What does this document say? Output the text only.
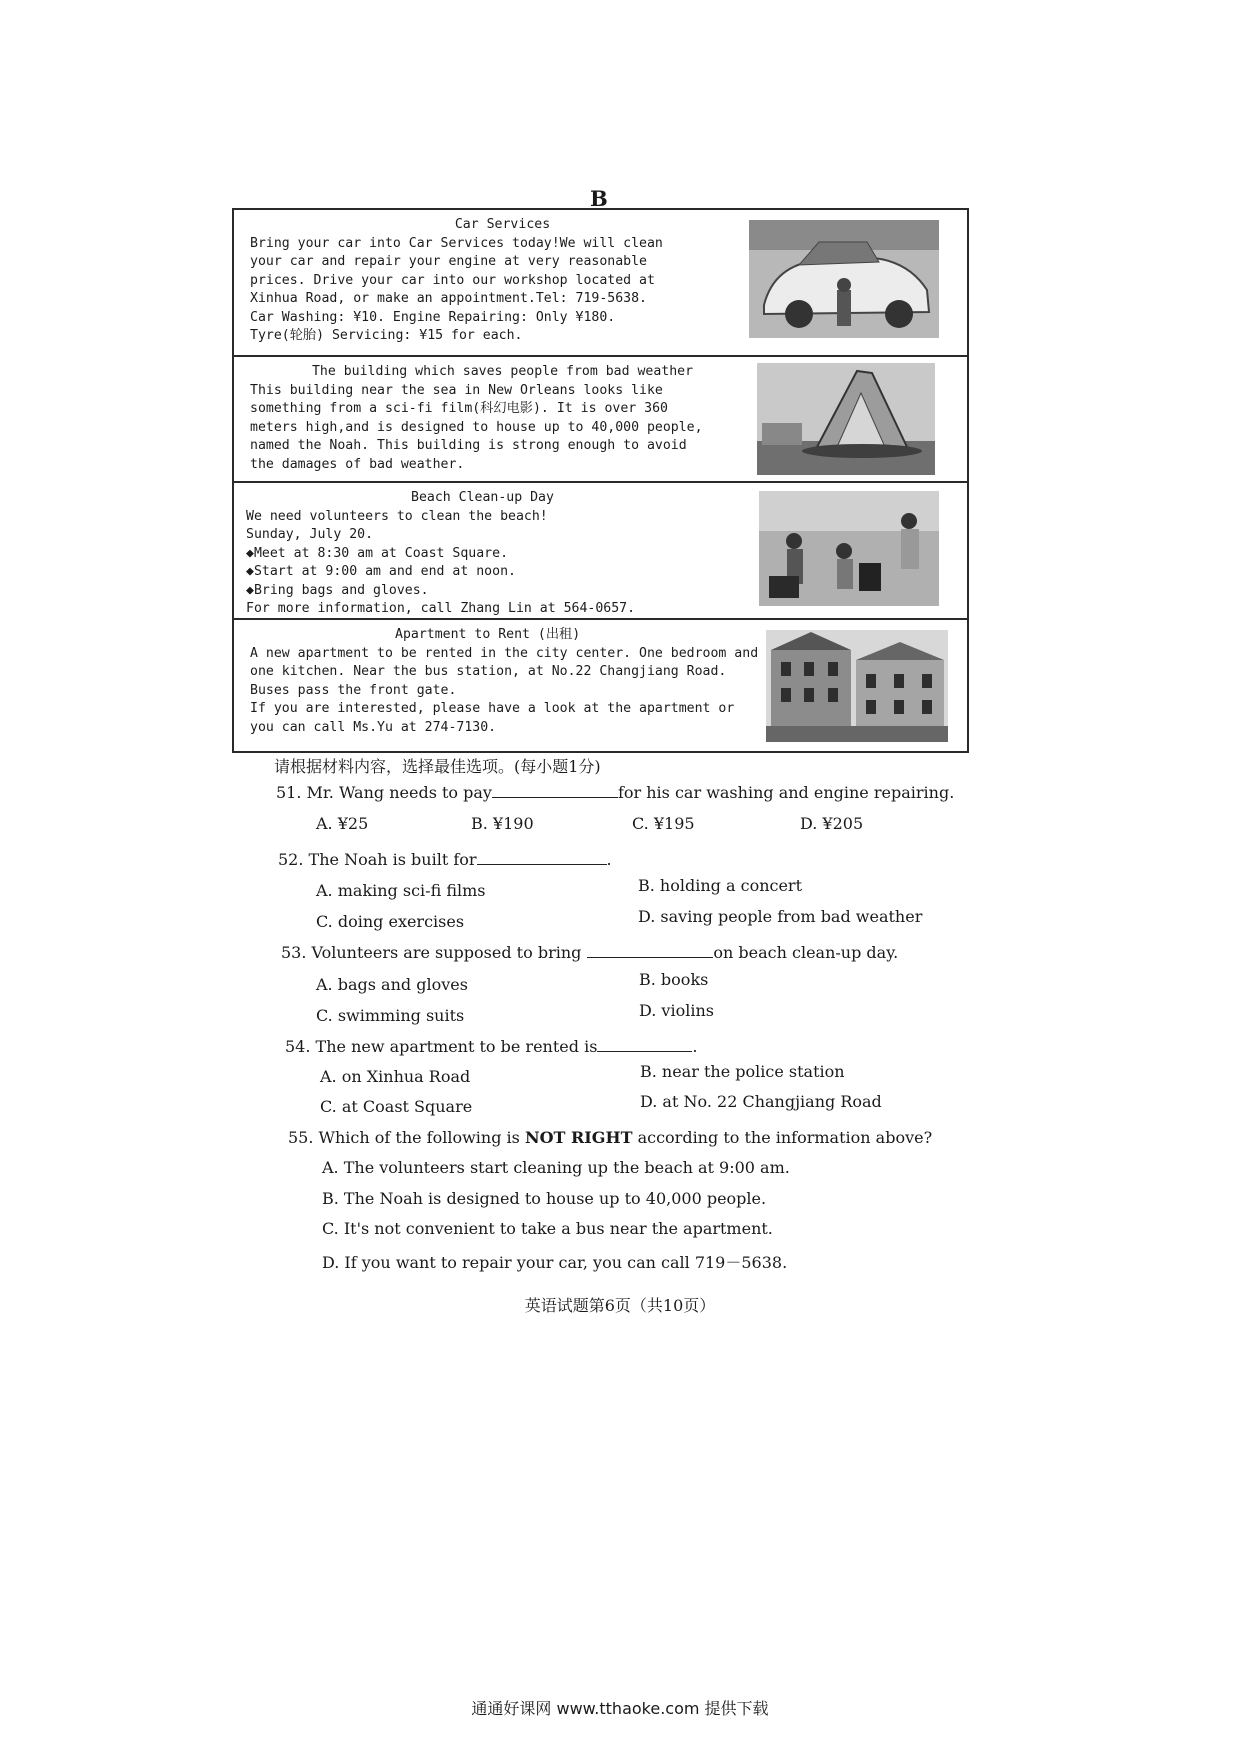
B
Car Services
Bring your car into Car Services today!We will clean
your car and repair your engine at very reasonable
prices. Drive your car into our workshop located at
Xinhua Road, or make an appointment.Tel: 719-5638.
Car Washing: ¥10. Engine Repairing: Only ¥180.
Tyre(轮胎) Servicing: ¥15 for each.
The building which saves people from bad weather
This building near the sea in New Orleans looks like
something from a sci-fi film(科幻电影). It is over 360
meters high,and is designed to house up to 40,000 people,
named the Noah. This building is strong enough to avoid
the damages of bad weather.
Beach Clean-up Day
We need volunteers to clean the beach!
Sunday, July 20.
◆Meet at 8:30 am at Coast Square.
◆Start at 9:00 am and end at noon.
◆Bring bags and gloves.
For more information, call Zhang Lin at 564-0657.
Apartment to Rent (出租)
A new apartment to be rented in the city center. One bedroom and
one kitchen. Near the bus station, at No.22 Changjiang Road.
Buses pass the front gate.
If you are interested, please have a look at the apartment or
you can call Ms.Yu at 274-7130.
请根据材料内容，选择最佳选项。(每小题1分)
51. Mr. Wang needs to pay	for his car washing and engine repairing.
A. ¥25	B. ¥190	C. ¥195	D. ¥205
52. The Noah is built for	.
A. making sci-fi films	B. holding a concert
C. doing exercises	D. saving people from bad weather
53. Volunteers are supposed to bring	on beach clean-up day.
A. bags and gloves	B. books
C. swimming suits	D. violins
54. The new apartment to be rented is	.
A. on Xinhua Road	B. near the police station
C. at Coast Square	D. at No. 22 Changjiang Road
55. Which of the following is NOT RIGHT according to the information above?
A. The volunteers start cleaning up the beach at 9:00 am.
B. The Noah is designed to house up to 40,000 people.
C. It's not convenient to take a bus near the apartment.
D. If you want to repair your car, you can call 719－5638.
英语试题第6页（共10页）
通通好课网 www.tthaoke.com 提供下载
